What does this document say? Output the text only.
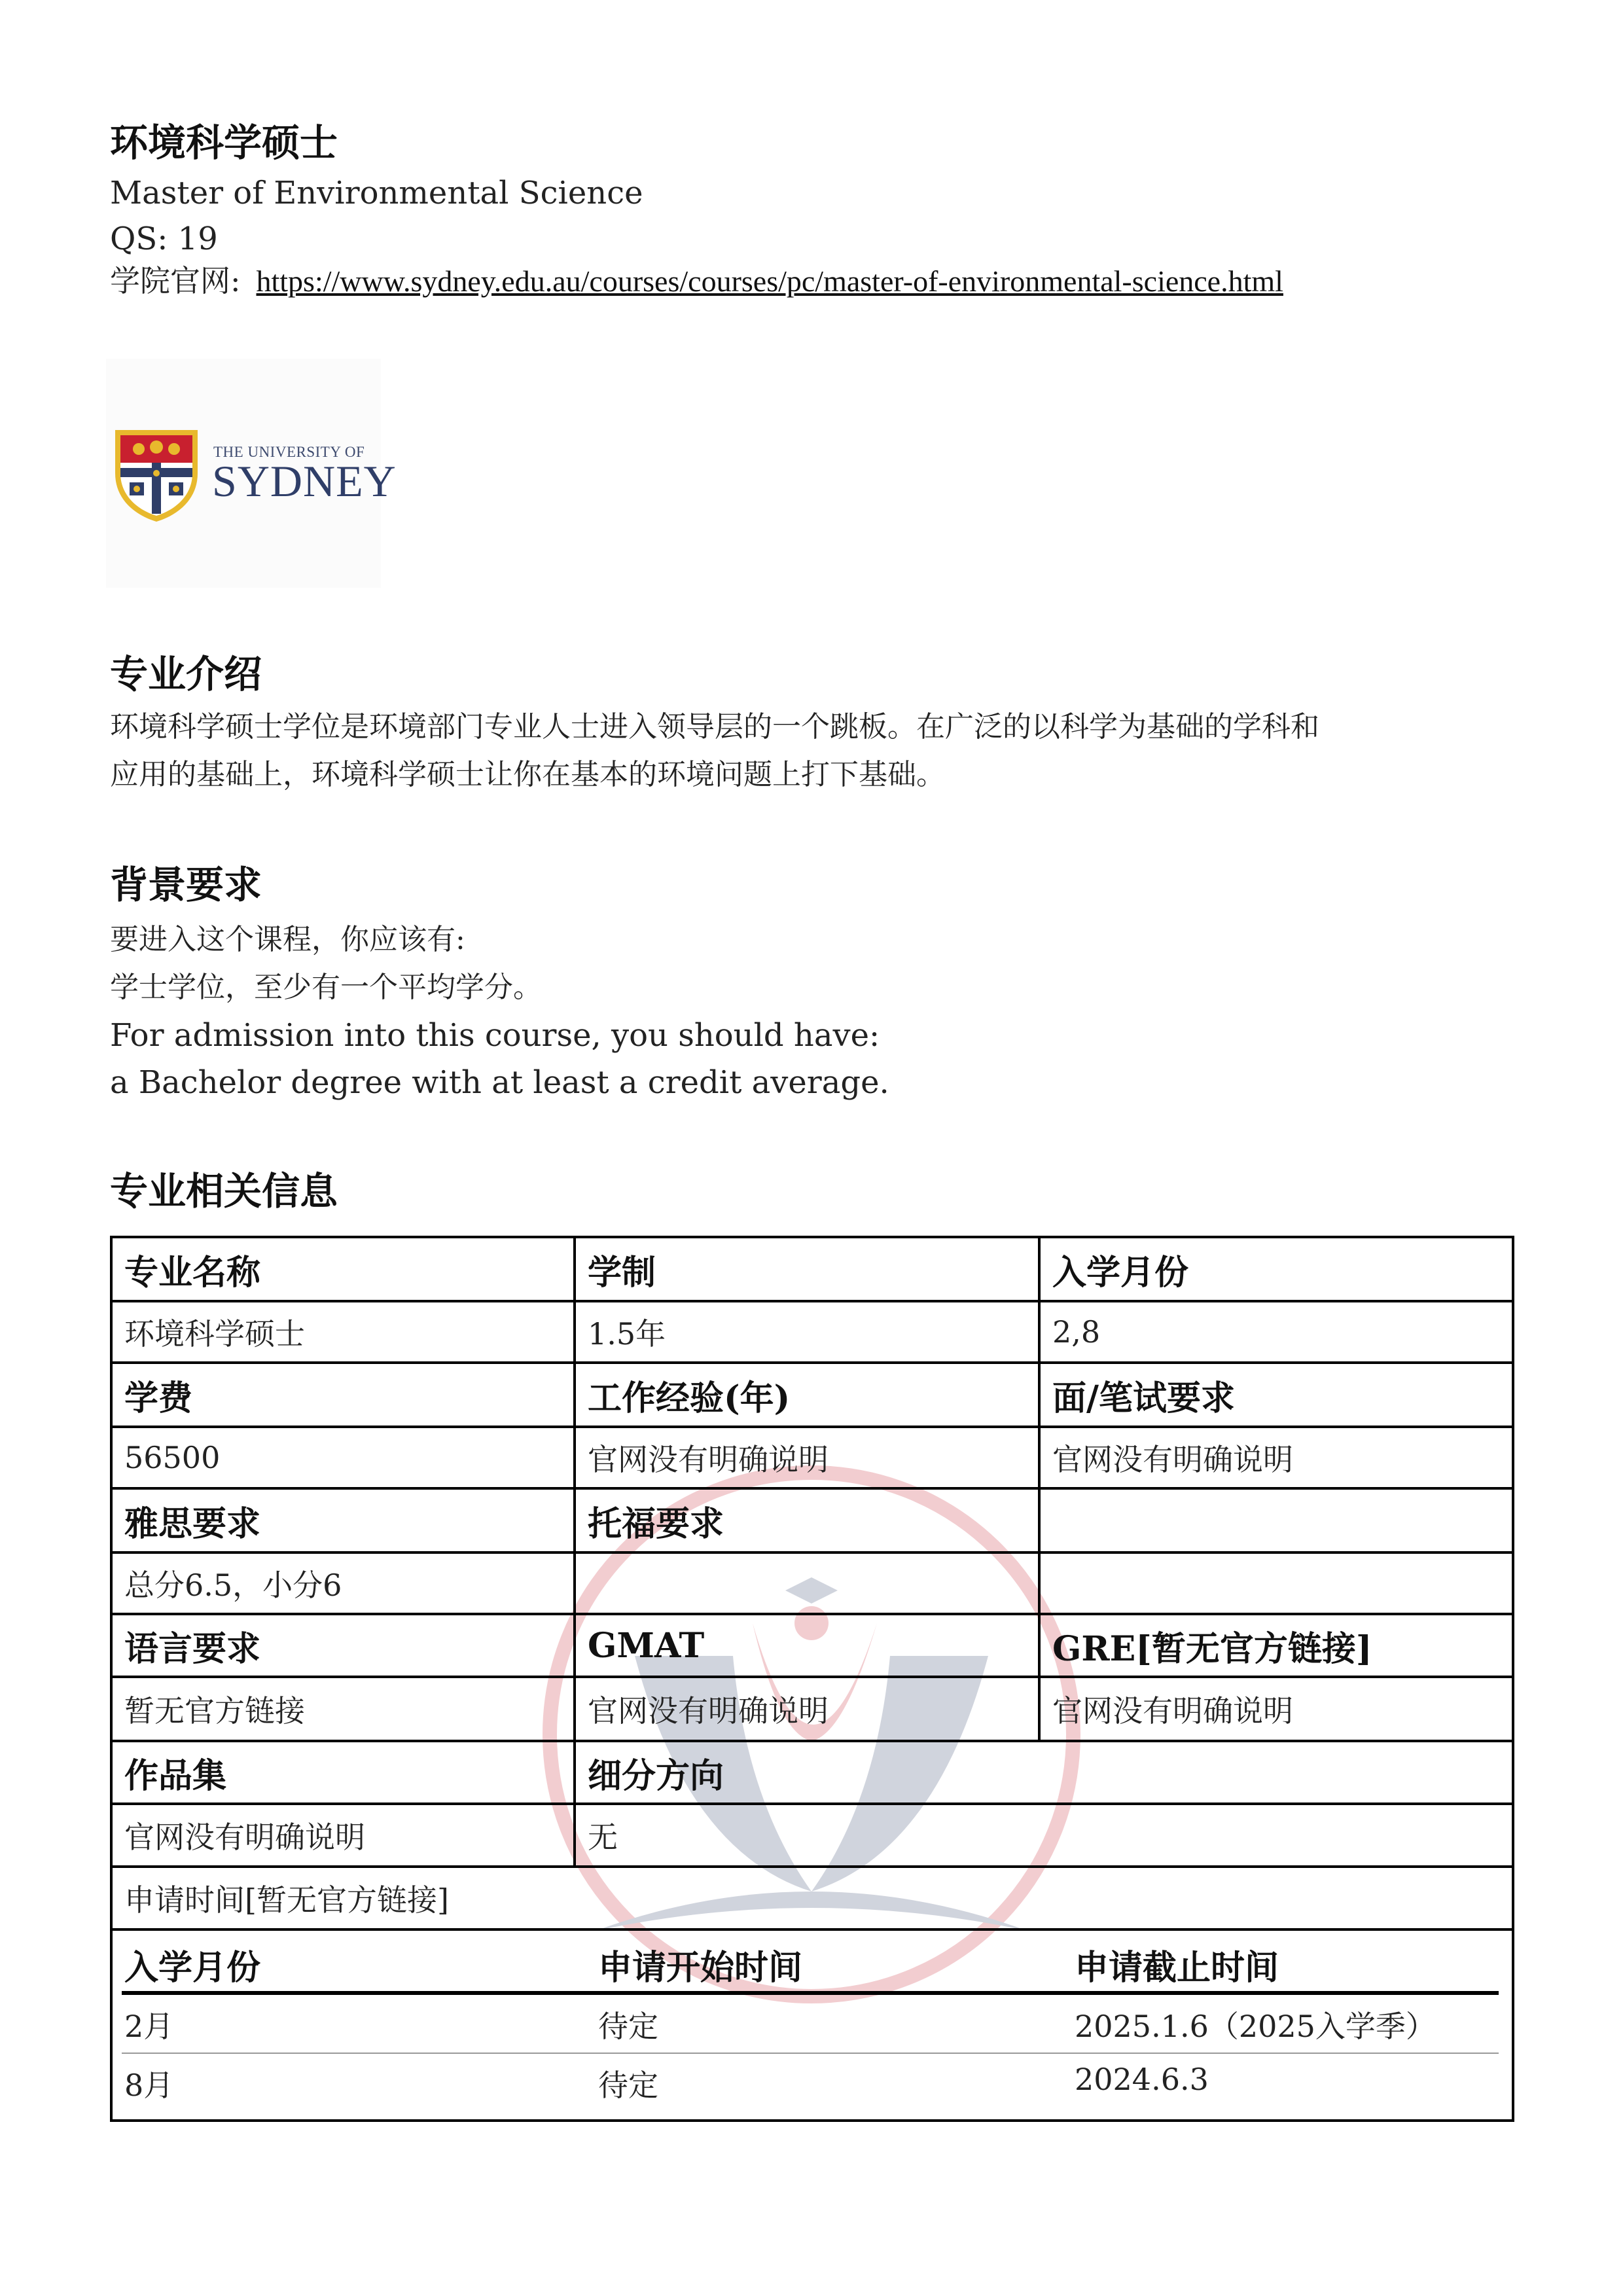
环境科学硕士
Master of Environmental Science
QS: 19
学院官网: https://www.sydney.edu.au/courses/courses/pc/master-of-environmental-science.html
THE UNIVERSITY OF
SYDNEY
专业介绍
环境科学硕士学位是环境部门专业人士进入领导层的一个跳板。在广泛的以科学为基础的学科和
应用的基础上，环境科学硕士让你在基本的环境问题上打下基础。
背景要求
要进入这个课程，你应该有:
学士学位，至少有一个平均学分。
For admission into this course, you should have:
a Bachelor degree with at least a credit average.
专业相关信息
专业名称	学制	入学月份
环境科学硕士	1.5年	2,8
学费	工作经验(年)	面/笔试要求
56500	官网没有明确说明	官网没有明确说明
雅思要求	托福要求
总分6.5，小分6
语言要求	GMAT	GRE[暂无官方链接]
暂无官方链接	官网没有明确说明	官网没有明确说明
作品集	细分方向
官网没有明确说明	无
申请时间[暂无官方链接]
入学月份	申请开始时间	申请截止时间
2月	待定	2025.1.6（2025入学季）
8月	待定	2024.6.3
